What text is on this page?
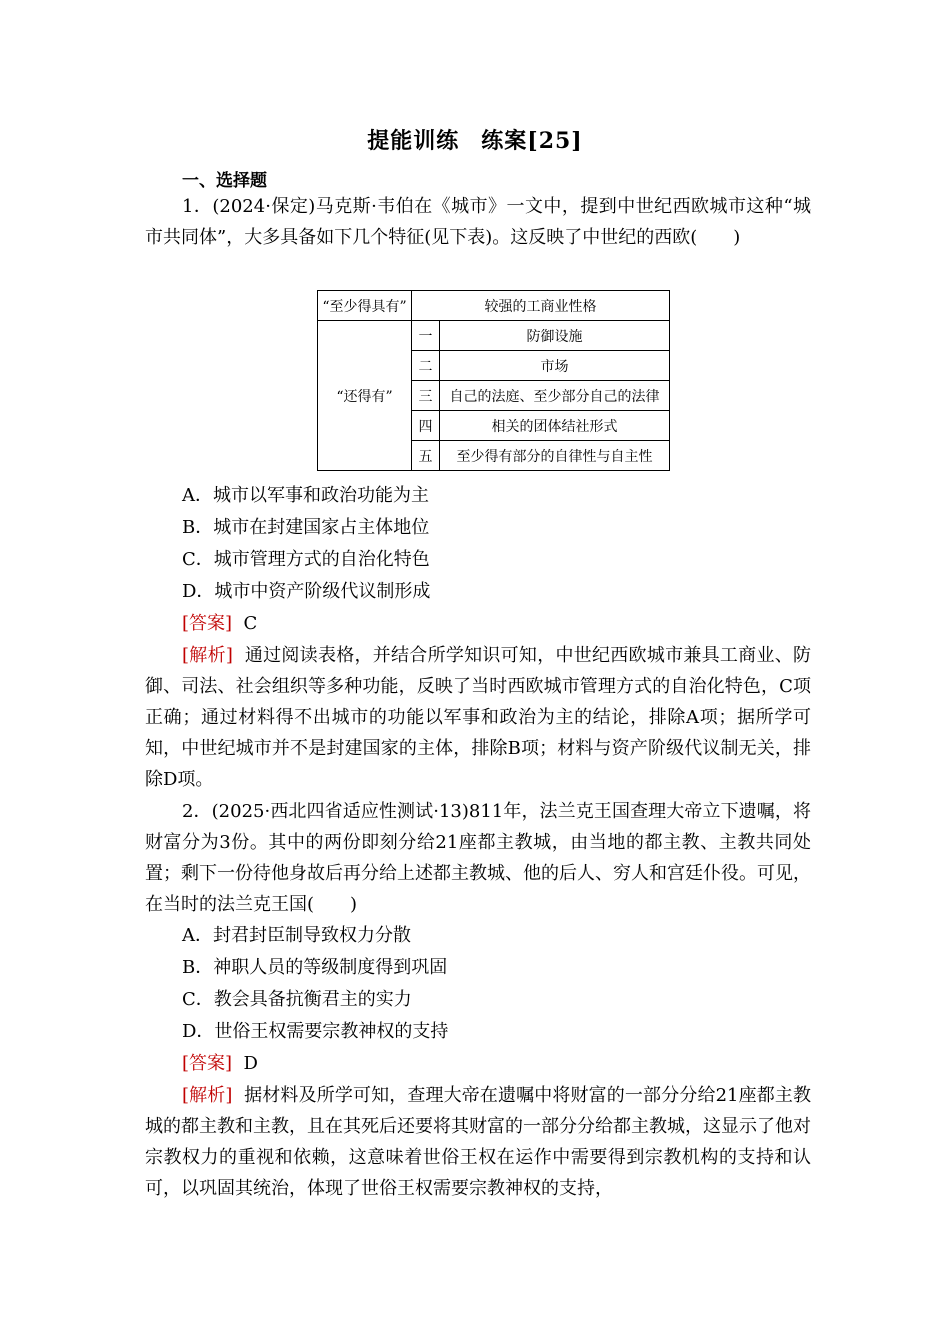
提能训练 练案[25]
一、选择题
1．(2024·保定)马克斯·韦伯在《城市》一文中，提到中世纪西欧城市这种“城市共同体”，大多具备如下几个特征(见下表)。这反映了中世纪的西欧(　　)
“至少得具有”	较强的工商业性格	
“还得有”	一	防御设施
	二	市场
	三	自己的法庭、至少部分自己的法律
	四	相关的团体结社形式
	五	至少得有部分的自律性与自主性
A．城市以军事和政治功能为主
B．城市在封建国家占主体地位
C．城市管理方式的自治化特色
D．城市中资产阶级代议制形成
[答案] C
[解析] 通过阅读表格，并结合所学知识可知，中世纪西欧城市兼具工商业、防御、司法、社会组织等多种功能，反映了当时西欧城市管理方式的自治化特色，C项正确；通过材料得不出城市的功能以军事和政治为主的结论，排除A项；据所学可知，中世纪城市并不是封建国家的主体，排除B项；材料与资产阶级代议制无关，排除D项。
2．(2025·西北四省适应性测试·13)811年，法兰克王国查理大帝立下遗嘱，将财富分为3份。其中的两份即刻分给21座都主教城，由当地的都主教、主教共同处置；剩下一份待他身故后再分给上述都主教城、他的后人、穷人和宫廷仆役。可见，在当时的法兰克王国(　　)
A．封君封臣制导致权力分散
B．神职人员的等级制度得到巩固
C．教会具备抗衡君主的实力
D．世俗王权需要宗教神权的支持
[答案] D
[解析] 据材料及所学可知，查理大帝在遗嘱中将财富的一部分分给21座都主教城的都主教和主教，且在其死后还要将其财富的一部分分给都主教城，这显示了他对宗教权力的重视和依赖，这意味着世俗王权在运作中需要得到宗教机构的支持和认可，以巩固其统治，体现了世俗王权需要宗教神权的支持，
